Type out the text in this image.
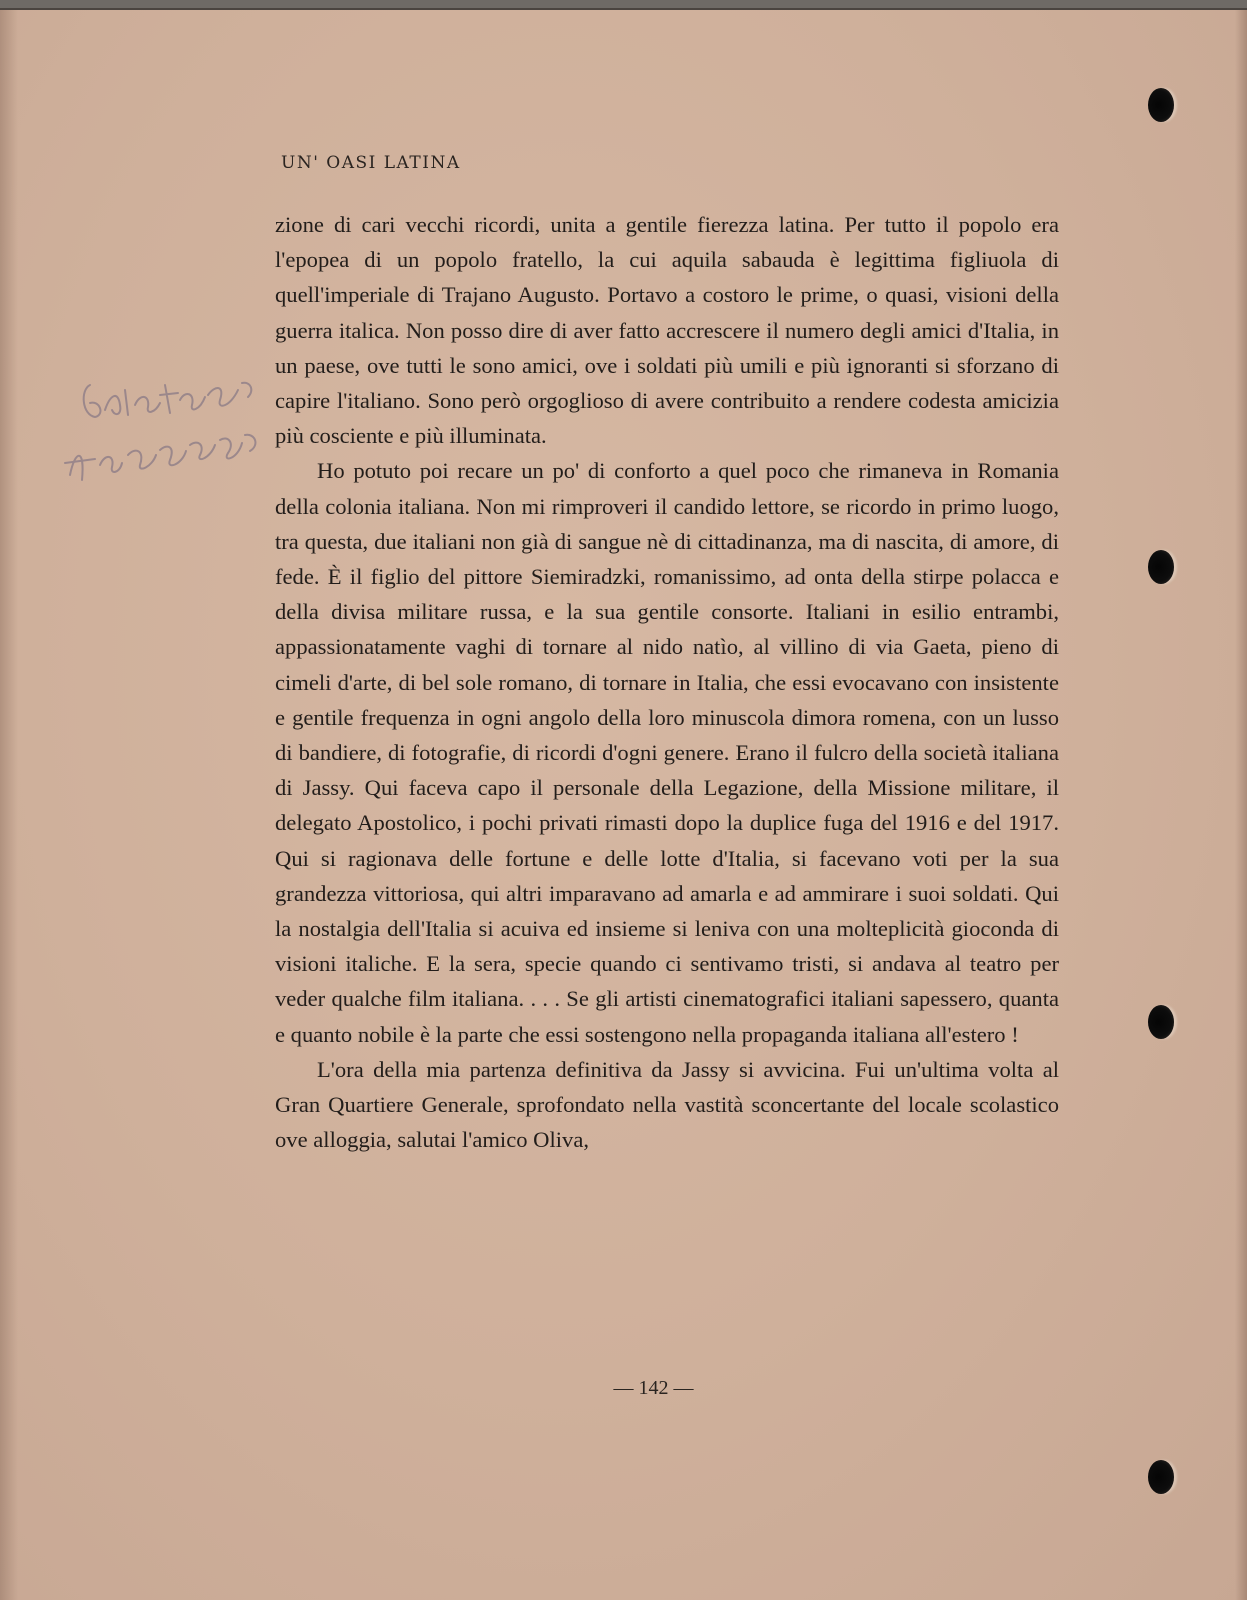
UN' OASI LATINA

zione di cari vecchi ricordi, unita a gentile fierezza latina. Per tutto il popolo era l'epopea di un popolo fratello, la cui aquila sabauda è legittima figliuola di quell'imperiale di Trajano Augusto. Portavo a costoro le prime, o quasi, visioni della guerra italica. Non posso dire di aver fatto accrescere il numero degli amici d'Italia, in un paese, ove tutti le sono amici, ove i soldati più umili e più ignoranti si sforzano di capire l'italiano. Sono però orgoglioso di avere contribuito a rendere codesta amicizia più cosciente e più illuminata.

Ho potuto poi recare un po' di conforto a quel poco che rimaneva in Romania della colonia italiana. Non mi rimproveri il candido lettore, se ricordo in primo luogo, tra questa, due italiani non già di sangue nè di cittadinanza, ma di nascita, di amore, di fede. È il figlio del pittore Siemiradzki, romanissimo, ad onta della stirpe polacca e della divisa militare russa, e la sua gentile consorte. Italiani in esilio entrambi, appassionatamente vaghi di tornare al nido natìo, al villino di via Gaeta, pieno di cimeli d'arte, di bel sole romano, di tornare in Italia, che essi evocavano con insistente e gentile frequenza in ogni angolo della loro minuscola dimora romena, con un lusso di bandiere, di fotografie, di ricordi d'ogni genere. Erano il fulcro della società italiana di Jassy. Qui faceva capo il personale della Legazione, della Missione militare, il delegato Apostolico, i pochi privati rimasti dopo la duplice fuga del 1916 e del 1917. Qui si ragionava delle fortune e delle lotte d'Italia, si facevano voti per la sua grandezza vittoriosa, qui altri imparavano ad amarla e ad ammirare i suoi soldati. Qui la nostalgia dell'Italia si acuiva ed insieme si leniva con una molteplicità gioconda di visioni italiche. E la sera, specie quando ci sentivamo tristi, si andava al teatro per veder qualche film italiana. . . . Se gli artisti cinematografici italiani sapessero, quanta e quanto nobile è la parte che essi sostengono nella propaganda italiana all'estero !

L'ora della mia partenza definitiva da Jassy si avvicina. Fui un'ultima volta al Gran Quartiere Generale, sprofondato nella vastità sconcertante del locale scolastico ove alloggia, salutai l'amico Oliva,

— 142 —
